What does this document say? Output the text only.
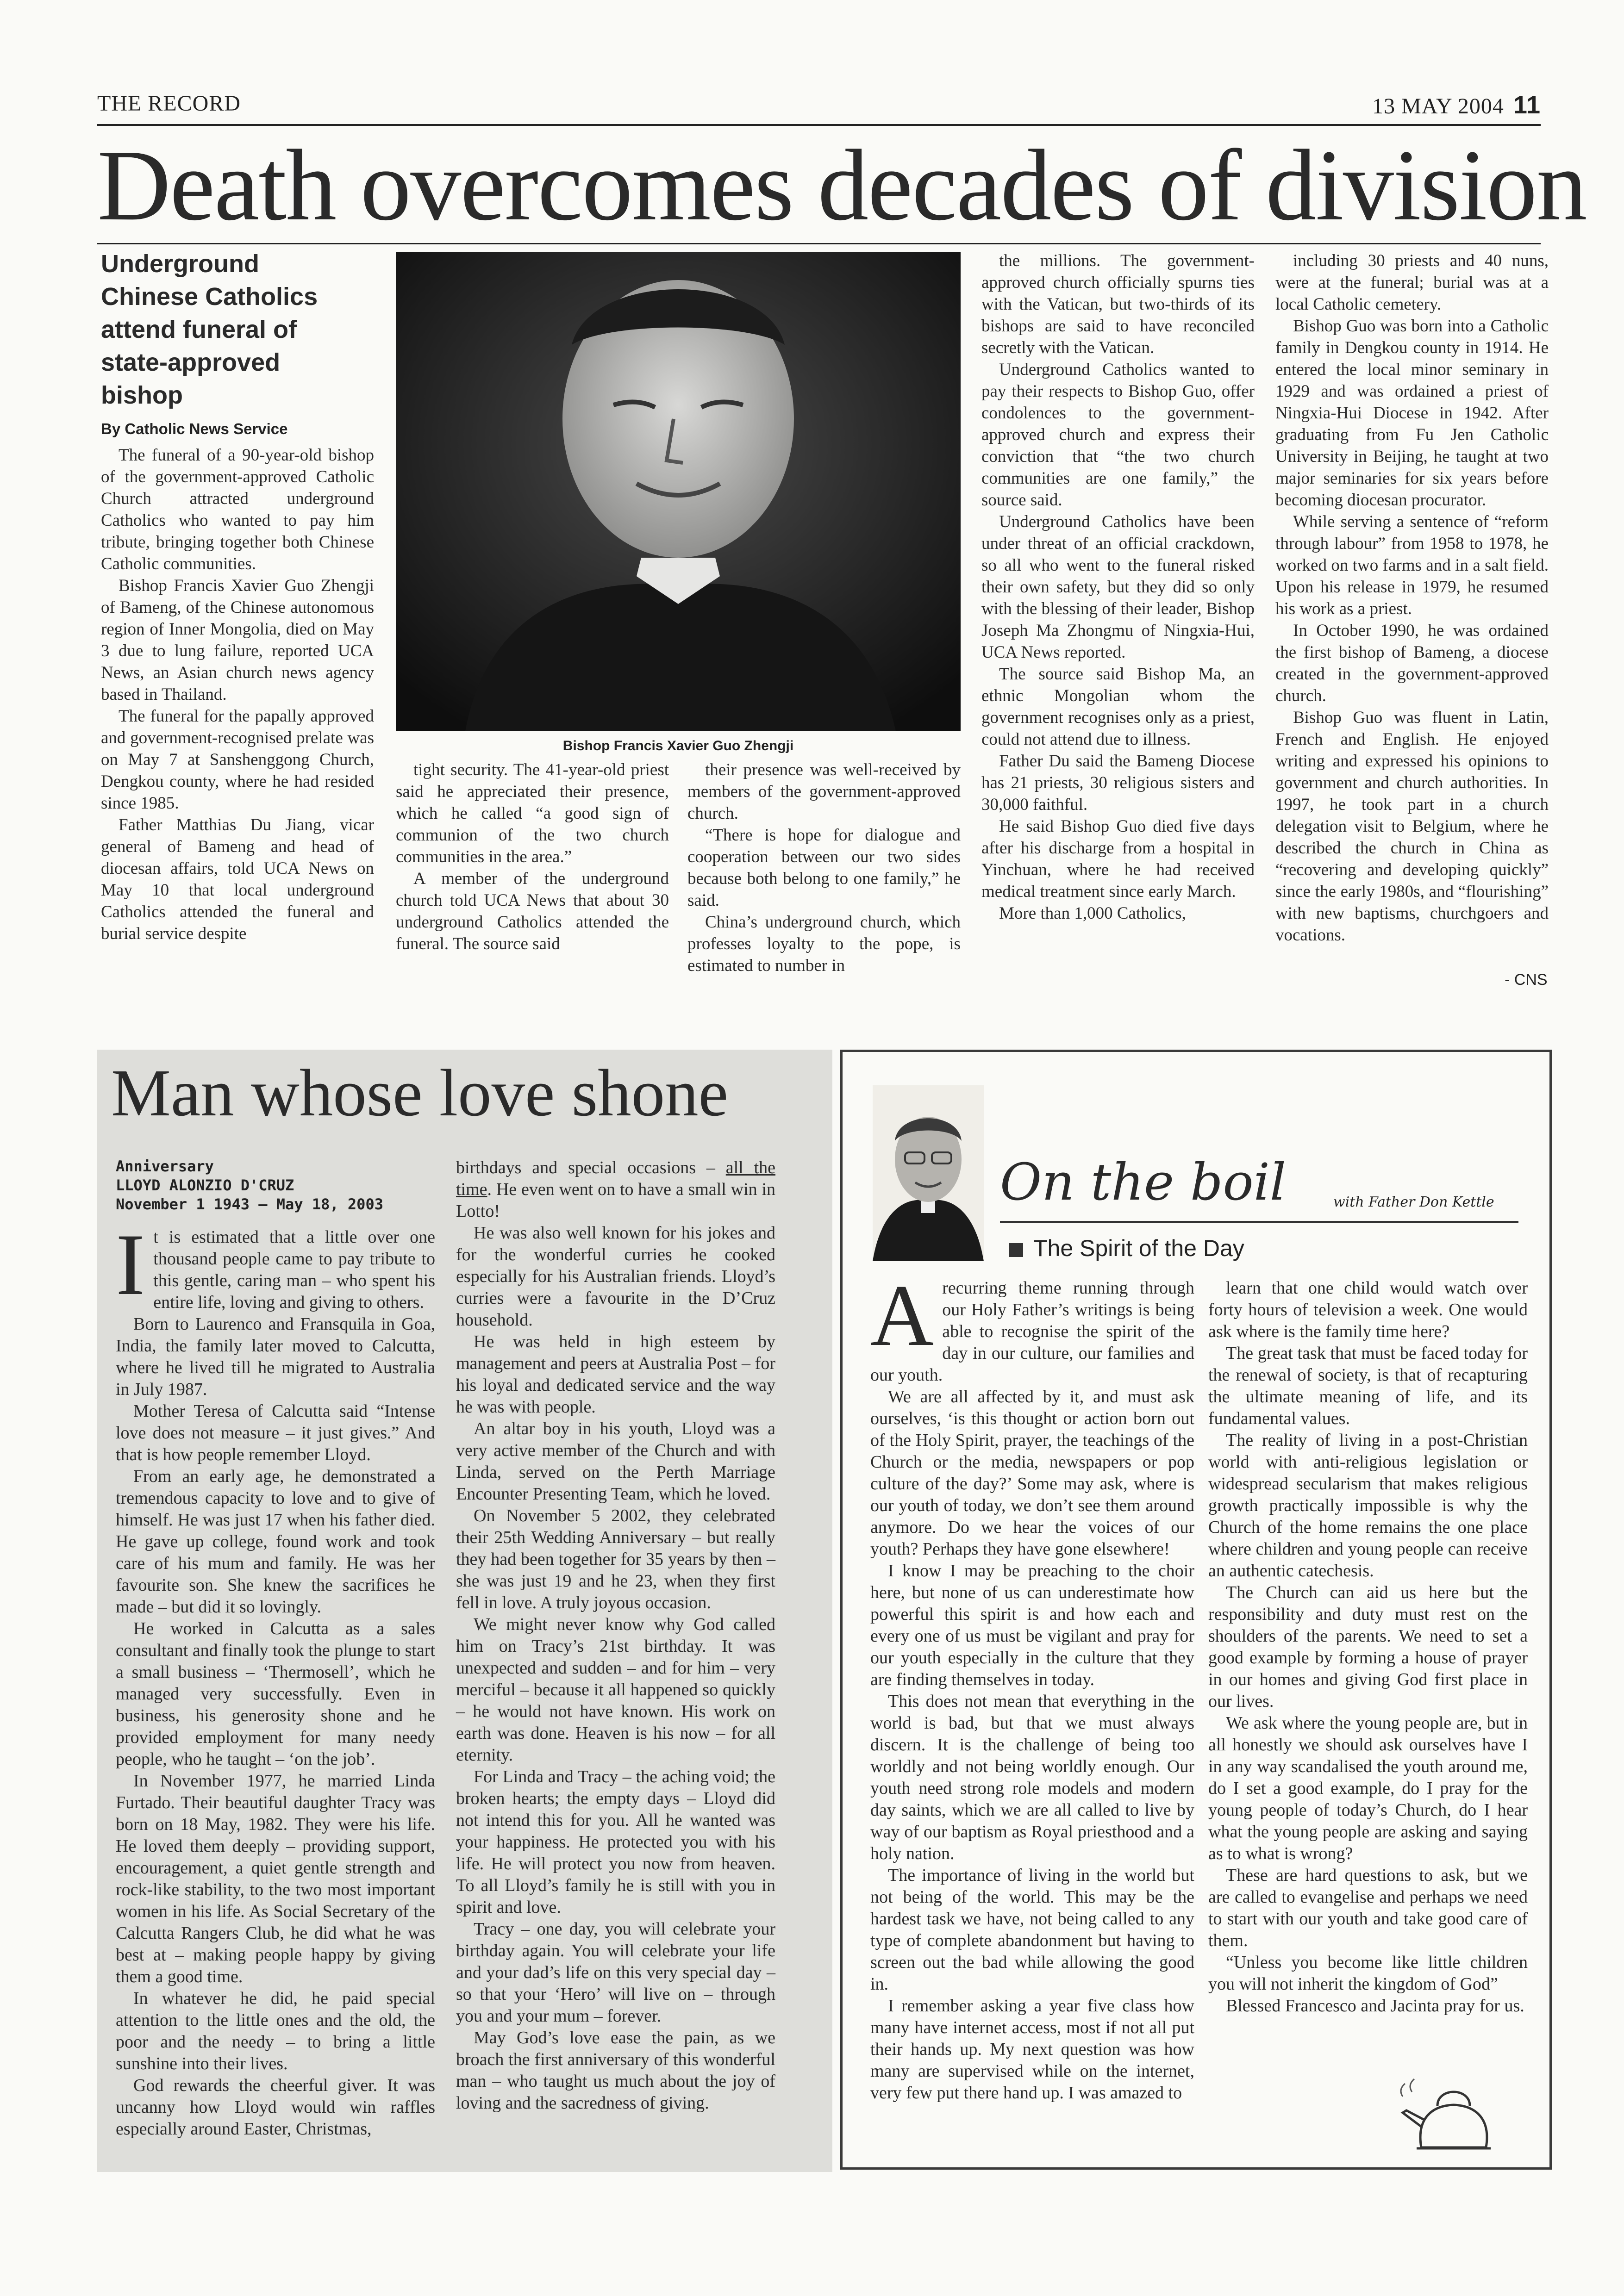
THE RECORD	13 MAY 2004 11
Death overcomes decades of division
Underground Chinese Catholics attend funeral of state-approved bishop
By Catholic News Service

The funeral of a 90-year-old bishop of the government-approved Catholic Church attracted underground Catholics who wanted to pay him tribute, bringing together both Chinese Catholic communities.

Bishop Francis Xavier Guo Zhengji of Bameng, of the Chinese autonomous region of Inner Mongolia, died on May 3 due to lung failure, reported UCA News, an Asian church news agency based in Thailand.

The funeral for the papally approved and government-recognised prelate was on May 7 at Sanshenggong Church, Dengkou county, where he had resided since 1985.

Father Matthias Du Jiang, vicar general of Bameng and head of diocesan affairs, told UCA News on May 10 that local underground Catholics attended the funeral and burial service despite

Bishop Francis Xavier Guo Zhengji

tight security. The 41-year-old priest said he appreciated their presence, which he called “a good sign of communion of the two church communities in the area.”

A member of the underground church told UCA News that about 30 underground Catholics attended the funeral. The source said

their presence was well-received by members of the government-approved church.

“There is hope for dialogue and cooperation between our two sides because both belong to one family,” he said.

China’s underground church, which professes loyalty to the pope, is estimated to number in

the millions. The government-approved church officially spurns ties with the Vatican, but two-thirds of its bishops are said to have reconciled secretly with the Vatican.

Underground Catholics wanted to pay their respects to Bishop Guo, offer condolences to the government-approved church and express their conviction that “the two church communities are one family,” the source said.

Underground Catholics have been under threat of an official crackdown, so all who went to the funeral risked their own safety, but they did so only with the blessing of their leader, Bishop Joseph Ma Zhongmu of Ningxia-Hui, UCA News reported.

The source said Bishop Ma, an ethnic Mongolian whom the government recognises only as a priest, could not attend due to illness.

Father Du said the Bameng Diocese has 21 priests, 30 religious sisters and 30,000 faithful.

He said Bishop Guo died five days after his discharge from a hospital in Yinchuan, where he had received medical treatment since early March.

More than 1,000 Catholics,

including 30 priests and 40 nuns, were at the funeral; burial was at a local Catholic cemetery.

Bishop Guo was born into a Catholic family in Dengkou county in 1914. He entered the local minor seminary in 1929 and was ordained a priest of Ningxia-Hui Diocese in 1942. After graduating from Fu Jen Catholic University in Beijing, he taught at two major seminaries for six years before becoming diocesan procurator.

While serving a sentence of “reform through labour” from 1958 to 1978, he worked on two farms and in a salt field. Upon his release in 1979, he resumed his work as a priest.

In October 1990, he was ordained the first bishop of Bameng, a diocese created in the government-approved church.

Bishop Guo was fluent in Latin, French and English. He enjoyed writing and expressed his opinions to government and church authorities. In 1997, he took part in a church delegation visit to Belgium, where he described the church in China as “recovering and developing quickly” since the early 1980s, and “flourishing” with new baptisms, churchgoers and vocations.

- CNS
Man whose love shone
Anniversary
LLOYD ALONZIO D'CRUZ
November 1 1943 – May 18, 2003

It is estimated that a little over one thousand people came to pay tribute to this gentle, caring man – who spent his entire life, loving and giving to others.

Born to Laurenco and Fransquila in Goa, India, the family later moved to Calcutta, where he lived till he migrated to Australia in July 1987.

Mother Teresa of Calcutta said “Intense love does not measure – it just gives.” And that is how people remember Lloyd.

From an early age, he demonstrated a tremendous capacity to love and to give of himself. He was just 17 when his father died. He gave up college, found work and took care of his mum and family. He was her favourite son. She knew the sacrifices he made – but did it so lovingly.

He worked in Calcutta as a sales consultant and finally took the plunge to start a small business – ‘Thermosell’, which he managed very successfully. Even in business, his generosity shone and he provided employment for many needy people, who he taught – ‘on the job’.

In November 1977, he married Linda Furtado. Their beautiful daughter Tracy was born on 18 May, 1982. They were his life. He loved them deeply – providing support, encouragement, a quiet gentle strength and rock-like stability, to the two most important women in his life. As Social Secretary of the Calcutta Rangers Club, he did what he was best at – making people happy by giving them a good time.

In whatever he did, he paid special attention to the little ones and the old, the poor and the needy – to bring a little sunshine into their lives.

God rewards the cheerful giver. It was uncanny how Lloyd would win raffles especially around Easter, Christmas,

birthdays and special occasions – all the time. He even went on to have a small win in Lotto!

He was also well known for his jokes and for the wonderful curries he cooked especially for his Australian friends. Lloyd’s curries were a favourite in the D’Cruz household.

He was held in high esteem by management and peers at Australia Post – for his loyal and dedicated service and the way he was with people.

An altar boy in his youth, Lloyd was a very active member of the Church and with Linda, served on the Perth Marriage Encounter Presenting Team, which he loved.

On November 5 2002, they celebrated their 25th Wedding Anniversary – but really they had been together for 35 years by then – she was just 19 and he 23, when they first fell in love. A truly joyous occasion.

We might never know why God called him on Tracy’s 21st birthday. It was unexpected and sudden – and for him – very merciful – because it all happened so quickly – he would not have known. His work on earth was done. Heaven is his now – for all eternity.

For Linda and Tracy – the aching void; the broken hearts; the empty days – Lloyd did not intend this for you. All he wanted was your happiness. He protected you with his life. He will protect you now from heaven. To all Lloyd’s family he is still with you in spirit and love.

Tracy – one day, you will celebrate your birthday again. You will celebrate your life and your dad’s life on this very special day – so that your ‘Hero’ will live on – through you and your mum – forever.

May God’s love ease the pain, as we broach the first anniversary of this wonderful man – who taught us much about the joy of loving and the sacredness of giving.

On the boil	with Father Don Kettle
The Spirit of the Day

Arecurring theme running through our Holy Father’s writings is being able to recognise the spirit of the day in our culture, our families and our youth.

We are all affected by it, and must ask ourselves, ‘is this thought or action born out of the Holy Spirit, prayer, the teachings of the Church or the media, newspapers or pop culture of the day?’ Some may ask, where is our youth of today, we don’t see them around anymore. Do we hear the voices of our youth? Perhaps they have gone elsewhere!

I know I may be preaching to the choir here, but none of us can underestimate how powerful this spirit is and how each and every one of us must be vigilant and pray for our youth especially in the culture that they are finding themselves in today.

This does not mean that everything in the world is bad, but that we must always discern. It is the challenge of being too worldly and not being worldly enough. Our youth need strong role models and modern day saints, which we are all called to live by way of our baptism as Royal priesthood and a holy nation.

The importance of living in the world but not being of the world. This may be the hardest task we have, not being called to any type of complete abandonment but having to screen out the bad while allowing the good in.

I remember asking a year five class how many have internet access, most if not all put their hands up. My next question was how many are supervised while on the internet, very few put there hand up. I was amazed to

learn that one child would watch over forty hours of television a week. One would ask where is the family time here?

The great task that must be faced today for the renewal of society, is that of recapturing the ultimate meaning of life, and its fundamental values.

The reality of living in a post-Christian world with anti-religious legislation or widespread secularism that makes religious growth practically impossible is why the Church of the home remains the one place where children and young people can receive an authentic catechesis.

The Church can aid us here but the responsibility and duty must rest on the shoulders of the parents. We need to set a good example by forming a house of prayer in our homes and giving God first place in our lives.

We ask where the young people are, but in all honestly we should ask ourselves have I in any way scandalised the youth around me, do I set a good example, do I pray for the young people of today’s Church, do I hear what the young people are asking and saying as to what is wrong?

These are hard questions to ask, but we are called to evangelise and perhaps we need to start with our youth and take good care of them.

“Unless you become like little children you will not inherit the kingdom of God”

Blessed Francesco and Jacinta pray for us.
